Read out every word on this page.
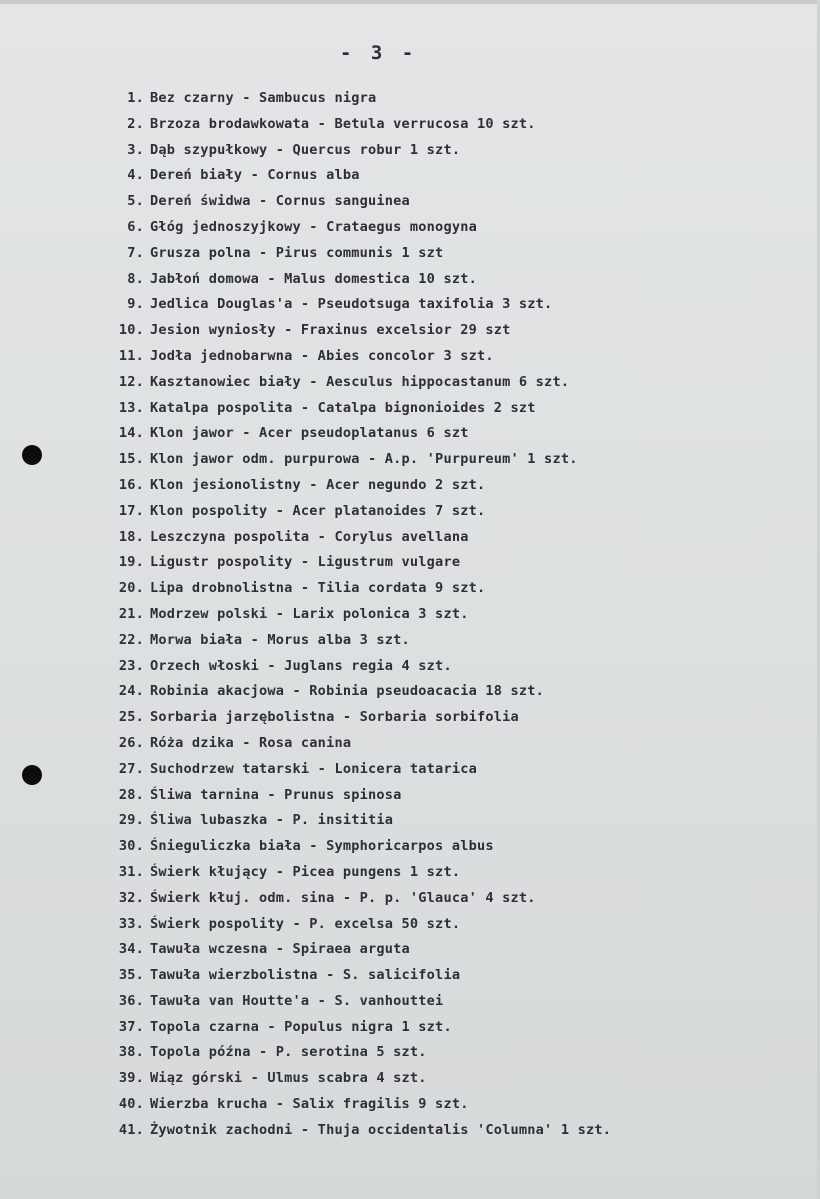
- 3 -
1. Bez czarny - Sambucus nigra
2. Brzoza brodawkowata - Betula verrucosa 10 szt.
3. Dąb szypułkowy - Quercus robur 1 szt.
4. Dereń biały - Cornus alba
5. Dereń świdwa - Cornus sanguinea
6. Głóg jednoszyjkowy - Crataegus monogyna
7. Grusza polna - Pirus communis 1 szt
8. Jabłoń domowa - Malus domestica 10 szt.
9. Jedlica Douglas'a - Pseudotsuga taxifolia 3 szt.
10. Jesion wyniosły - Fraxinus excelsior 29 szt
11. Jodła jednobarwna - Abies concolor 3 szt.
12. Kasztanowiec biały - Aesculus hippocastanum 6 szt.
13. Katalpa pospolita - Catalpa bignonioides 2 szt
14. Klon jawor - Acer pseudoplatanus 6 szt
15. Klon jawor odm. purpurowa - A.p. 'Purpureum' 1 szt.
16. Klon jesionolistny - Acer negundo 2 szt.
17. Klon pospolity - Acer platanoides 7 szt.
18. Leszczyna pospolita - Corylus avellana
19. Ligustr pospolity - Ligustrum vulgare
20. Lipa drobnolistna - Tilia cordata 9 szt.
21. Modrzew polski - Larix polonica 3 szt.
22. Morwa biała - Morus alba 3 szt.
23. Orzech włoski - Juglans regia 4 szt.
24. Robinia akacjowa - Robinia pseudoacacia 18 szt.
25. Sorbaria jarzębolistna - Sorbaria sorbifolia
26. Róża dzika - Rosa canina
27. Suchodrzew tatarski - Lonicera tatarica
28. Śliwa tarnina - Prunus spinosa
29. Śliwa lubaszka - P. insititia
30. Śnieguliczka biała - Symphoricarpos albus
31. Świerk kłujący - Picea pungens 1 szt.
32. Świerk kłuj. odm. sina - P. p. 'Glauca' 4 szt.
33. Świerk pospolity - P. excelsa 50 szt.
34. Tawuła wczesna - Spiraea arguta
35. Tawuła wierzbolistna - S. salicifolia
36. Tawuła van Houtte'a - S. vanhouttei
37. Topola czarna - Populus nigra 1 szt.
38. Topola późna - P. serotina 5 szt.
39. Wiąz górski - Ulmus scabra 4 szt.
40. Wierzba krucha - Salix fragilis 9 szt.
41. Żywotnik zachodni - Thuja occidentalis 'Columna' 1 szt.
